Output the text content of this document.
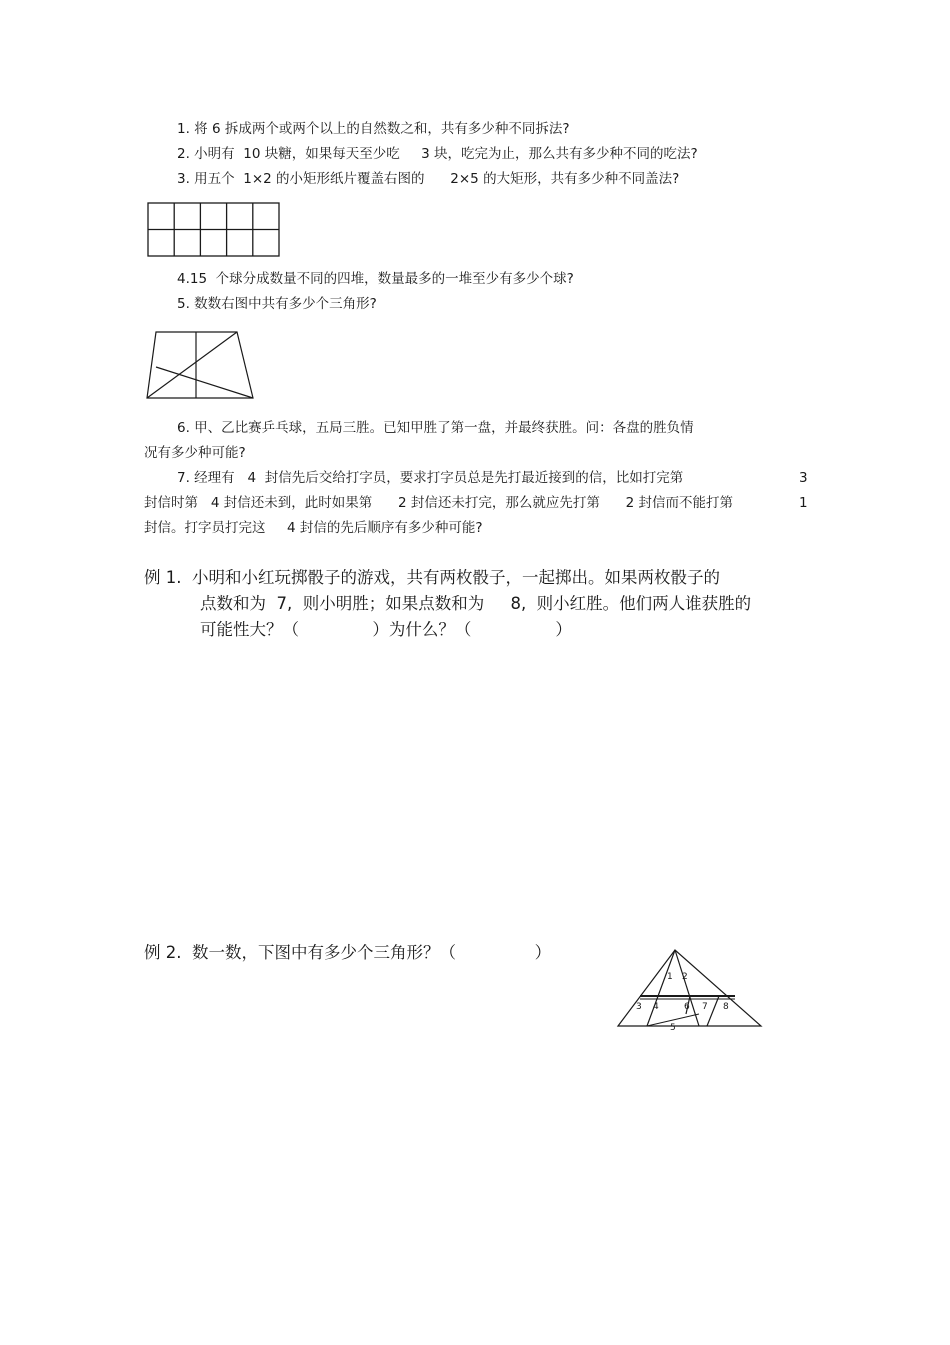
1. 将 6 拆成两个或两个以上的自然数之和，共有多少种不同拆法?
2. 小明有  10 块糖，如果每天至少吃     3 块，吃完为止，那么共有多少种不同的吃法?
3. 用五个  1×2 的小矩形纸片覆盖右图的      2×5 的大矩形，共有多少种不同盖法?
4.15  个球分成数量不同的四堆，数量最多的一堆至少有多少个球?
5. 数数右图中共有多少个三角形?
6. 甲、乙比赛乒乓球，五局三胜。已知甲胜了第一盘，并最终获胜。问：各盘的胜负情
况有多少种可能?
7. 经理有   4  封信先后交给打字员，要求打字员总是先打最近接到的信，比如打完第	3
封信时第   4 封信还未到，此时如果第      2 封信还未打完，那么就应先打第      2 封信而不能打第	1
封信。打字员打完这     4 封信的先后顺序有多少种可能?
例 1.  小明和小红玩掷骰子的游戏，共有两枚骰子，一起掷出。如果两枚骰子的
点数和为  7,  则小明胜；如果点数和为     8,  则小红胜。他们两人谁获胜的
可能性大？（              ）为什么？（                ）
例 2.  数一数，下图中有多少个三角形？（               ）
1 2
3 4
5
6 7 8
